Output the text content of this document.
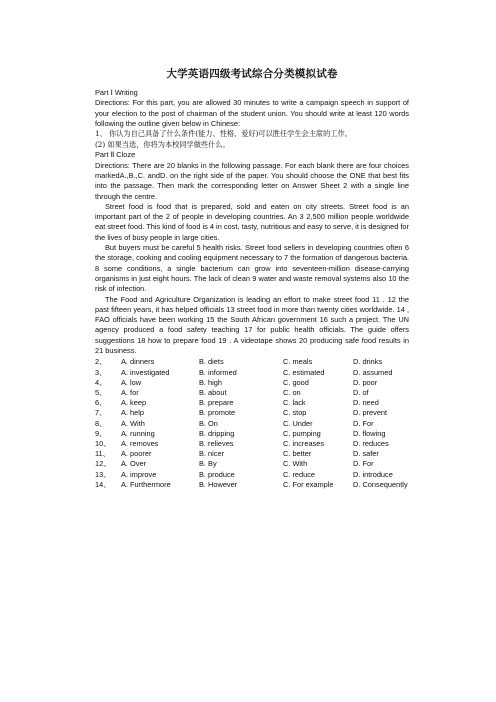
大学英语四级考试综合分类模拟试卷

Part Ⅰ Writing

Directions: For this part, you are allowed 30 minutes to write a campaign speech in support of your election to the post of chairman of the student union. You should write at least 120 words following the outline given below in Chinese:

1、 你认为自己具备了什么条件(能力、性格、爱好)可以胜任学生会主席的工作。

(2) 如果当选，你将为本校同学做些什么。

Part Ⅱ Cloze

Directions: There are 20 blanks in the following passage. For each blank there are four choices markedA.,B.,C. andD. on the right side of the paper. You should choose the ONE that best fits into the passage. Then mark the corresponding letter on Answer Sheet 2 with a single line through the centre.

Street food is food that is prepared, sold and eaten on city streets. Street food is an important part of the 2 of people in developing countries. An 3 2,500 million people worldwide eat street food. This kind of food is 4 in cost, tasty, nutritious and easy to serve, it is designed for the lives of busy people in large cities.

But buyers must be careful 5 health risks. Street food sellers in developing countries often 6 the storage, cooking and cooling equipment necessary to 7 the formation of dangerous bacteria. 8 some conditions, a single bacterium can grow into seventeen-million disease-carrying organisms in just eight hours. The lack of clean 9 water and waste removal systems also 10 the risk of infection.

The Food and Agriculture Organization is leading an effort to make street food 11 . 12 the past fifteen years, it has helped officials 13 street food in more than twenty cities worldwide. 14 , FAO officials have been working 15 the South African government 16 such a project. The UN agency produced a food safety teaching 17 for public health officials. The guide offers suggestions 18 how to prepare food 19 . A videotape shows 20 producing safe food results in 21 business.

2、	A. dinners	B. diets	C. meals	D. drinks
3、	A. investigated	B. informed	C. estimated	D. assumed
4、	A. low	B. high	C. good	D. poor
5、	A. for	B. about	C. on	D. of
6、	A. keep	B. prepare	C. lack	D. need
7、	A. help	B. promote	C. stop	D. prevent
8、	A. With	B. On	C. Under	D. For
9、	A. running	B. dripping	C. pumping	D. flowing
10、	A. removes	B. relieves	C. increases	D. reduces
11、	A. poorer	B. nicer	C. better	D. safer
12、	A. Over	B. By	C. With	D. For
13、	A. improve	B. produce	C. reduce	D. introduce
14、	A. Furthermore	B. However	C. For example	D. Consequently
